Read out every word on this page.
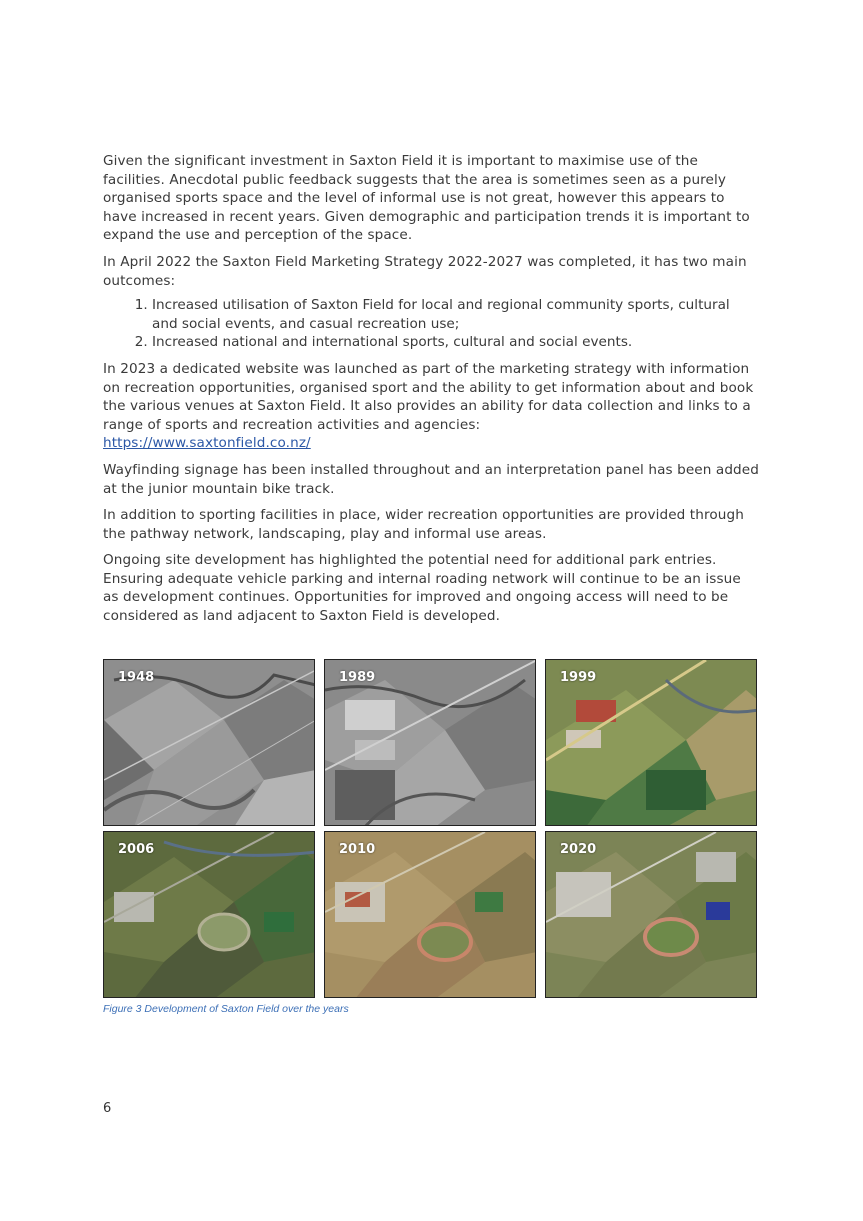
Given the significant investment in Saxton Field it is important to maximise use of the facilities. Anecdotal public feedback suggests that the area is sometimes seen as a purely organised sports space and the level of informal use is not great, however this appears to have increased in recent years. Given demographic and participation trends it is important to expand the use and perception of the space.

In April 2022 the Saxton Field Marketing Strategy 2022-2027 was completed, it has two main outcomes:

1. Increased utilisation of Saxton Field for local and regional community sports, cultural and social events, and casual recreation use;
2. Increased national and international sports, cultural and social events.

In 2023 a dedicated website was launched as part of the marketing strategy with information on recreation opportunities, organised sport and the ability to get information about and book the various venues at Saxton Field. It also provides an ability for data collection and links to a range of sports and recreation activities and agencies:
https://www.saxtonfield.co.nz/

Wayfinding signage has been installed throughout and an interpretation panel has been added at the junior mountain bike track.

In addition to sporting facilities in place, wider recreation opportunities are provided through the pathway network, landscaping, play and informal use areas.

Ongoing site development has highlighted the potential need for additional park entries. Ensuring adequate vehicle parking and internal roading network will continue to be an issue as development continues. Opportunities for improved and ongoing access will need to be considered as land adjacent to Saxton Field is developed.

1948	1989	1999
2006	2010	2020
Figure 3 Development of Saxton Field over the years
6
